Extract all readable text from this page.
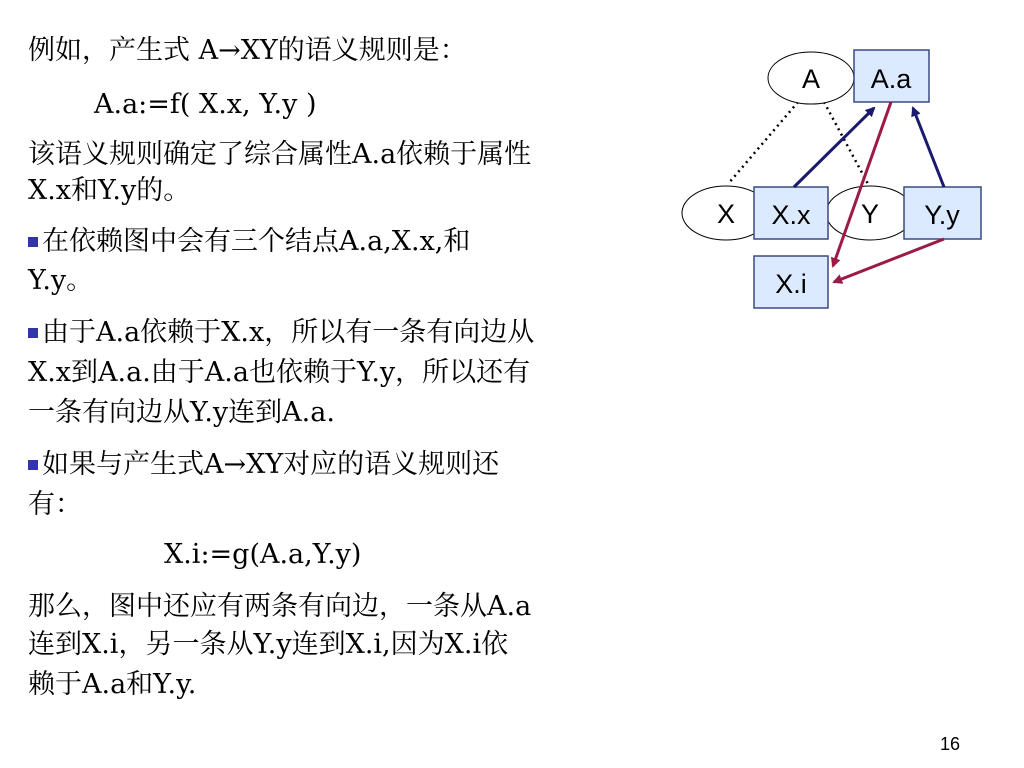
例如，产生式 A→XY的语义规则是：
A.a:=f( X.x, Y.y )
该语义规则确定了综合属性A.a依赖于属性
X.x和Y.y的。
在依赖图中会有三个结点A.a,X.x,和
Y.y。
由于A.a依赖于X.x，所以有一条有向边从
X.x到A.a.由于A.a也依赖于Y.y，所以还有
一条有向边从Y.y连到A.a.
如果与产生式A→XY对应的语义规则还
有：
X.i:=g(A.a,Y.y)
那么，图中还应有两条有向边，一条从A.a
连到X.i，另一条从Y.y连到X.i,因为X.i依
赖于A.a和Y.y.
A
X	Y
A.a
X.x	Y.y
X.i
16
